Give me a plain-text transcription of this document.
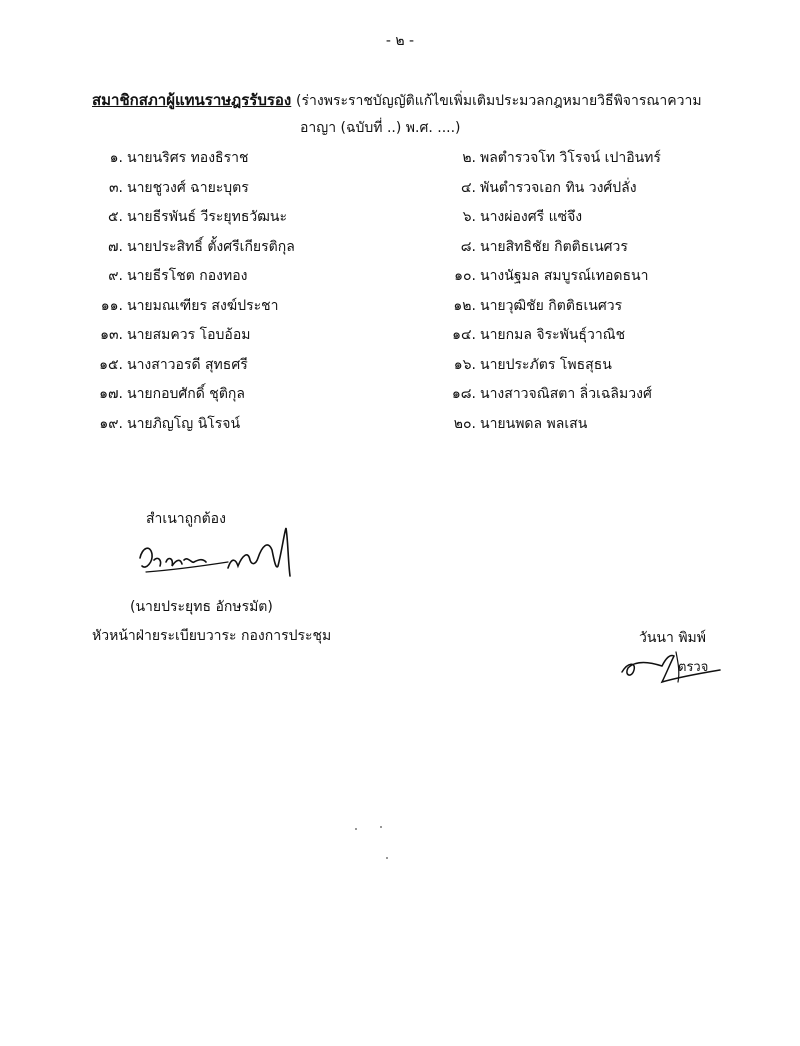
- ๒ -
สมาชิกสภาผู้แทนราษฎรรับรอง (ร่างพระราชบัญญัติแก้ไขเพิ่มเติมประมวลกฎหมายวิธีพิจารณาความ
อาญา (ฉบับที่ ..) พ.ศ. ....)
๑. นายนริศร ทองธิราช	๒. พลตำรวจโท วิโรจน์ เปาอินทร์
๓. นายชูวงศ์ ฉายะบุตร	๔. พันตำรวจเอก ทิน วงศ์ปลั่ง
๕. นายธีรพันธ์ วีระยุทธวัฒนะ	๖. นางผ่องศรี แซ่จึง
๗. นายประสิทธิ์ ตั้งศรีเกียรติกุล	๘. นายสิทธิชัย กิตติธเนศวร
๙. นายธีรโชต กองทอง	๑๐. นางนัฐมล สมบูรณ์เทอดธนา
๑๑. นายมณเฑียร สงฆ์ประชา	๑๒. นายวุฒิชัย กิตติธเนศวร
๑๓. นายสมควร โอบอ้อม	๑๔. นายกมล จิระพันธุ์วาณิช
๑๕. นางสาวอรดี สุทธศรี	๑๖. นายประภัตร โพธสุธน
๑๗. นายกอบศักดิ์ ชุติกุล	๑๘. นางสาวจณิสตา ลิ่วเฉลิมวงศ์
๑๙. นายภิญโญ นิโรจน์	๒๐. นายนพดล พลเสน
สำเนาถูกต้อง
(นายประยุทธ อักษรมัต)
หัวหน้าฝ่ายระเบียบวาระ กองการประชุม	วันนา พิมพ์
ตรวจ
